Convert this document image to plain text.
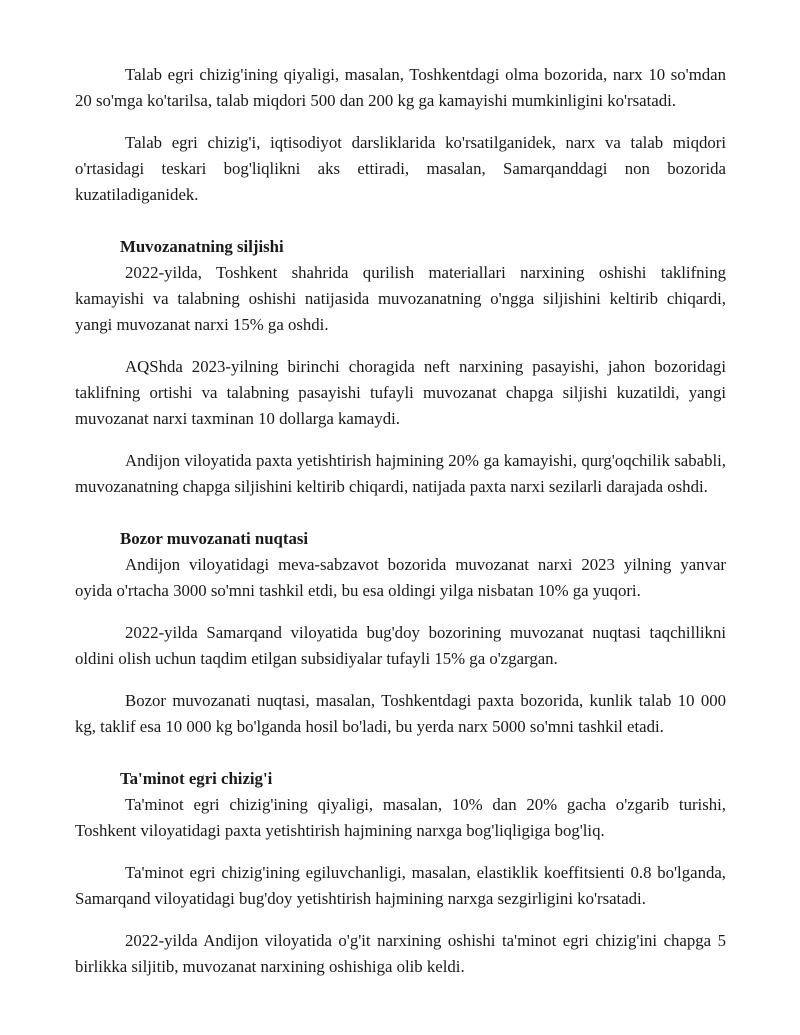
Talab egri chizig'ining qiyaligi, masalan, Toshkentdagi olma bozorida, narx 10 so'mdan 20 so'mga ko'tarilsa, talab miqdori 500 dan 200 kg ga kamayishi mumkinligini ko'rsatadi.

Talab egri chizig'i, iqtisodiyot darsliklarida ko'rsatilganidek, narx va talab miqdori o'rtasidagi teskari bog'liqlikni aks ettiradi, masalan, Samarqanddagi non bozorida kuzatiladiganidek.

Muvozanatning siljishi

2022-yilda, Toshkent shahrida qurilish materiallari narxining oshishi taklifning kamayishi va talabning oshishi natijasida muvozanatning o'ngga siljishini keltirib chiqardi, yangi muvozanat narxi 15% ga oshdi.

AQShda 2023-yilning birinchi choragida neft narxining pasayishi, jahon bozoridagi taklifning ortishi va talabning pasayishi tufayli muvozanat chapga siljishi kuzatildi, yangi muvozanat narxi taxminan 10 dollarga kamaydi.

Andijon viloyatida paxta yetishtirish hajmining 20% ga kamayishi, qurg'oqchilik sababli, muvozanatning chapga siljishini keltirib chiqardi, natijada paxta narxi sezilarli darajada oshdi.

Bozor muvozanati nuqtasi

Andijon viloyatidagi meva-sabzavot bozorida muvozanat narxi 2023 yilning yanvar oyida o'rtacha 3000 so'mni tashkil etdi, bu esa oldingi yilga nisbatan 10% ga yuqori.

2022-yilda Samarqand viloyatida bug'doy bozorining muvozanat nuqtasi taqchillikni oldini olish uchun taqdim etilgan subsidiyalar tufayli 15% ga o'zgargan.

Bozor muvozanati nuqtasi, masalan, Toshkentdagi paxta bozorida, kunlik talab 10 000 kg, taklif esa 10 000 kg bo'lganda hosil bo'ladi, bu yerda narx 5000 so'mni tashkil etadi.

Ta'minot egri chizig'i

Ta'minot egri chizig'ining qiyaligi, masalan, 10% dan 20% gacha o'zgarib turishi, Toshkent viloyatidagi paxta yetishtirish hajmining narxga bog'liqligiga bog'liq.

Ta'minot egri chizig'ining egiluvchanligi, masalan, elastiklik koeffitsienti 0.8 bo'lganda, Samarqand viloyatidagi bug'doy yetishtirish hajmining narxga sezgirligini ko'rsatadi.

2022-yilda Andijon viloyatida o'g'it narxining oshishi ta'minot egri chizig'ini chapga 5 birlikka siljitib, muvozanat narxining oshishiga olib keldi.
